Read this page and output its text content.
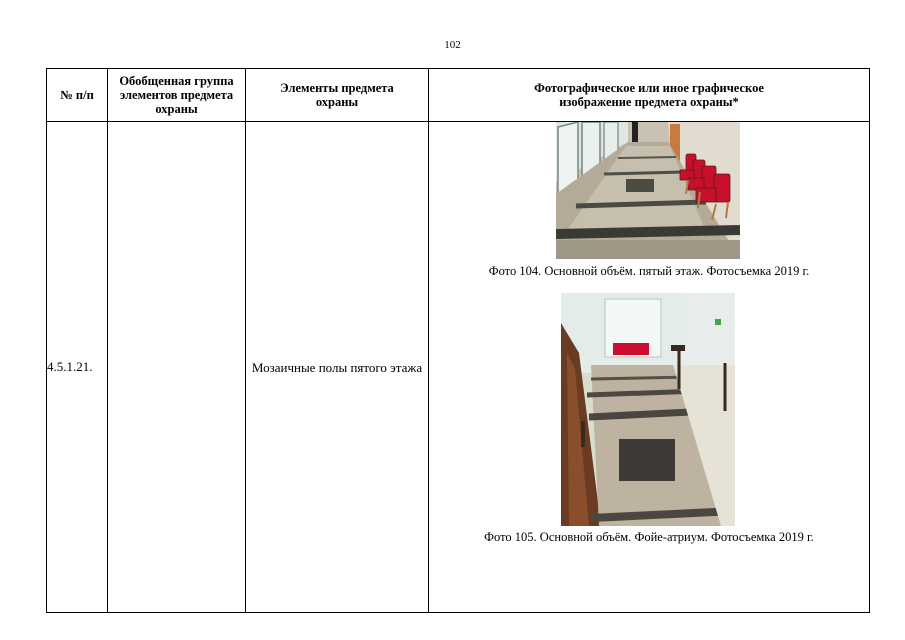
102
№ п/п	Обобщенная группа элементов предмета охраны	Элементы предмета охраны	Фотографическое или иное графическое изображение предмета охраны*
4.5.1.21.		Мозаичные полы пятого этажа	Фото 104. Основной объём. пятый этаж. Фотосъемка 2019 г.
Фото 105. Основной объём. Фойе-атриум. Фотосъемка 2019 г.
